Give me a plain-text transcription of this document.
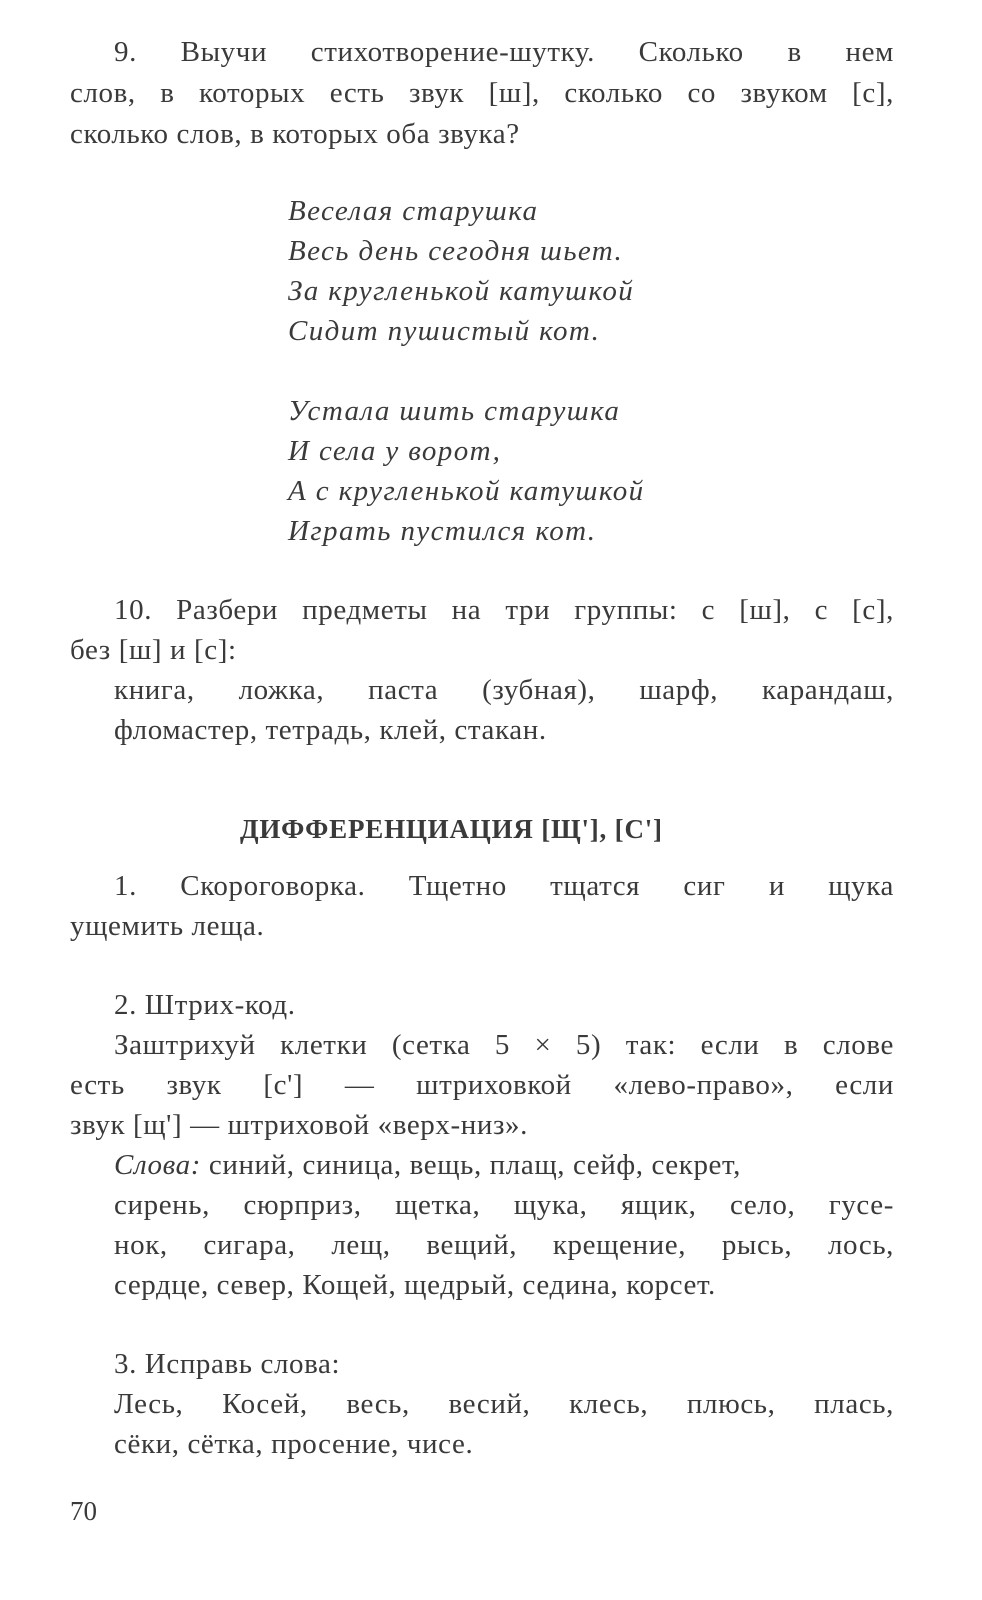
9. Выучи стихотворение-шутку. Сколько в нем
слов, в которых есть звук [ш], сколько со звуком [с],
сколько слов, в которых оба звука?
Веселая старушка
Весь день сегодня шьет.
За кругленькой катушкой
Сидит пушистый кот.
Устала шить старушка
И села у ворот,
А с кругленькой катушкой
Играть пустился кот.
10. Разбери предметы на три группы: с [ш], с [с],
без [ш] и [с]:
книга, ложка, паста (зубная), шарф, карандаш,
фломастер, тетрадь, клей, стакан.
ДИФФЕРЕНЦИАЦИЯ [Щ'], [С']
1. Скороговорка. Тщетно тщатся сиг и щука
ущемить леща.
2. Штрих-код.
Заштрихуй клетки (сетка 5 × 5) так: если в слове
есть звук [с'] — штриховкой «лево-право», если
звук [щ'] — штриховой «верх-низ».
Слова: синий, синица, вещь, плащ, сейф, секрет,
сирень, сюрприз, щетка, щука, ящик, село, гусе-
нок, сигара, лещ, вещий, крещение, рысь, лось,
сердце, север, Кощей, щедрый, седина, корсет.
3. Исправь слова:
Лесь, Косей, весь, весий, клесь, плюсь, плась,
сёки, сётка, просение, чисе.
70
